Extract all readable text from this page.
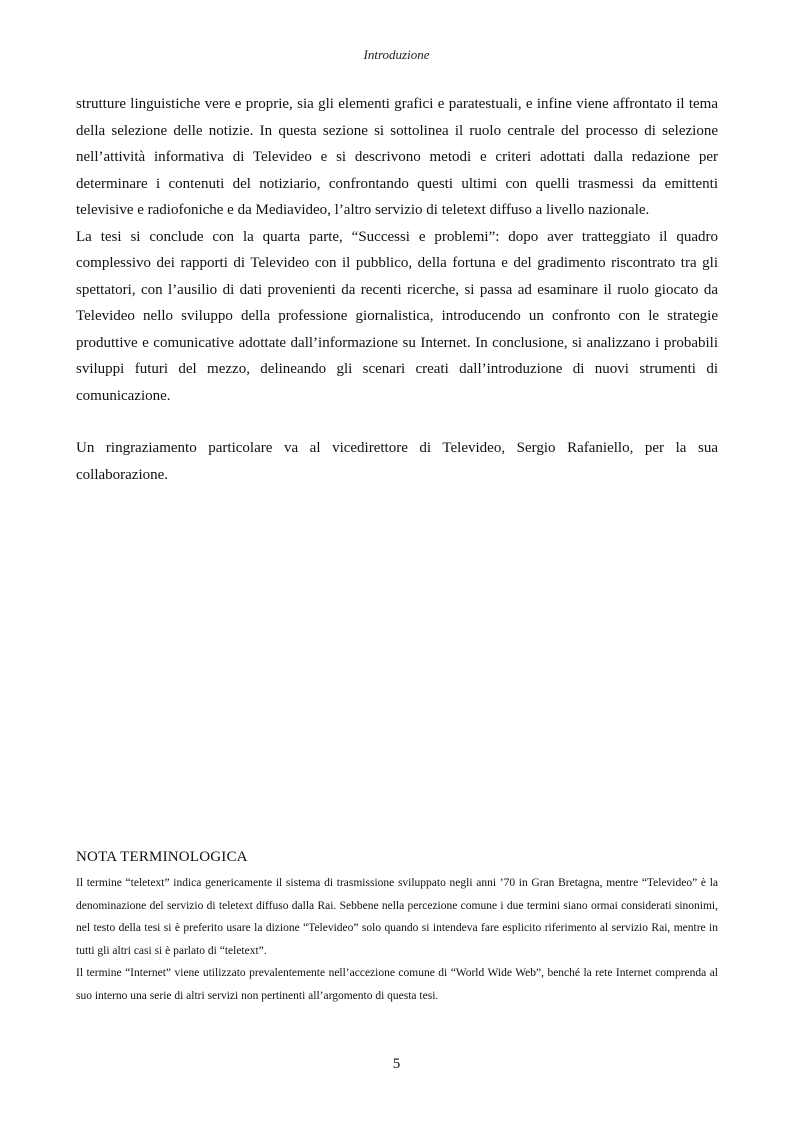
Introduzione

strutture linguistiche vere e proprie, sia gli elementi grafici e paratestuali, e infine viene affrontato il tema della selezione delle notizie. In questa sezione si sottolinea il ruolo centrale del processo di selezione nell’attività informativa di Televideo e si descrivono metodi e criteri adottati dalla redazione per determinare i contenuti del notiziario, confrontando questi ultimi con quelli trasmessi da emittenti televisive e radiofoniche e da Mediavideo, l’altro servizio di teletext diffuso a livello nazionale.

La tesi si conclude con la quarta parte, “Successi e problemi”: dopo aver tratteggiato il quadro complessivo dei rapporti di Televideo con il pubblico, della fortuna e del gradimento riscontrato tra gli spettatori, con l’ausilio di dati provenienti da recenti ricerche, si passa ad esaminare il ruolo giocato da Televideo nello sviluppo della professione giornalistica, introducendo un confronto con le strategie produttive e comunicative adottate dall’informazione su Internet. In conclusione, si analizzano i probabili sviluppi futuri del mezzo, delineando gli scenari creati dall’introduzione di nuovi strumenti di comunicazione.

Un ringraziamento particolare va al vicedirettore di Televideo, Sergio Rafaniello, per la sua collaborazione.

NOTA TERMINOLOGICA

Il termine “teletext” indica genericamente il sistema di trasmissione sviluppato negli anni ’70 in Gran Bretagna, mentre “Televideo” è la denominazione del servizio di teletext diffuso dalla Rai. Sebbene nella percezione comune i due termini siano ormai considerati sinonimi, nel testo della tesi si è preferito usare la dizione “Televideo” solo quando si intendeva fare esplicito riferimento al servizio Rai, mentre in tutti gli altri casi si è parlato di “teletext”.

Il termine “Internet” viene utilizzato prevalentemente nell’accezione comune di “World Wide Web”, benché la rete Internet comprenda al suo interno una serie di altri servizi non pertinenti all’argomento di questa tesi.

5
